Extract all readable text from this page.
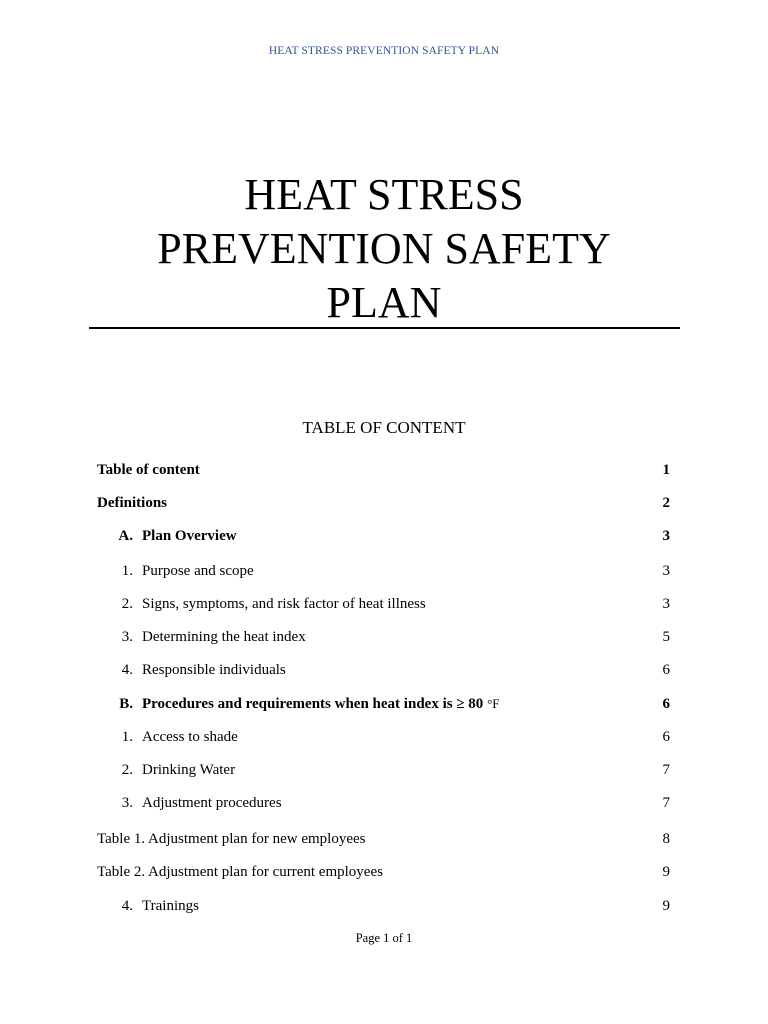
HEAT STRESS PREVENTION SAFETY PLAN
HEAT STRESS
PREVENTION SAFETY
PLAN
TABLE OF CONTENT
Table of content	1
Definitions	2
A. Plan Overview	3
1. Purpose and scope	3
2. Signs, symptoms, and risk factor of heat illness	3
3. Determining the heat index	5
4. Responsible individuals	6
B. Procedures and requirements when heat index is ≥ 80 °F	6
1. Access to shade	6
2. Drinking Water	7
3. Adjustment procedures	7
Table 1. Adjustment plan for new employees	8
Table 2. Adjustment plan for current employees	9
4. Trainings	9
Page 1 of 1
